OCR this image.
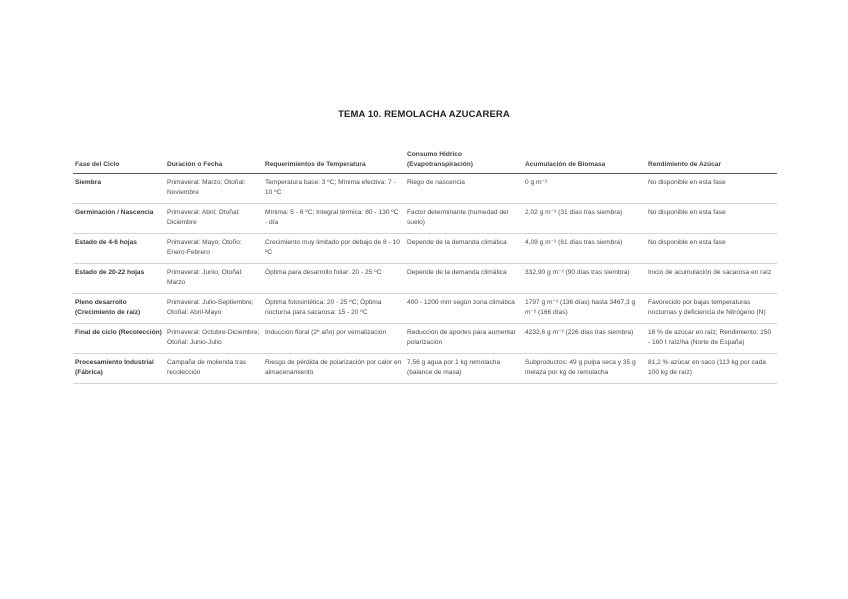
TEMA 10. REMOLACHA AZUCARERA
Fase del Ciclo	Duración o Fecha	Requerimientos de Temperatura	Consumo Hídrico (Evapotranspiración)	Acumulación de Biomasa	Rendimiento de Azúcar
Siembra	Primaveral: Marzo; Otoñal: Noviembre	Temperatura base: 3 ºC; Mínima efectiva: 7 - 10 ºC	Riego de nascencia	0 g m⁻²	No disponible en esta fase
Germinación / Nascencia	Primaveral: Abril; Otoñal: Diciembre	Mínima: 5 - 6 ºC; Integral térmica: 80 - 130 ºC - día	Factor determinante (humedad del suelo)	2,02 g m⁻² (31 días tras siembra)	No disponible en esta fase
Estado de 4-6 hojas	Primaveral: Mayo; Otoño: Enero-Febrero	Crecimiento muy limitado por debajo de 8 - 10 ºC	Depende de la demanda climática	4,09 g m⁻² (61 días tras siembra)	No disponible en esta fase
Estado de 20-22 hojas	Primaveral: Junio; Otoñal: Marzo	Óptima para desarrollo foliar: 20 - 25 ºC	Depende de la demanda climática	332,90 g m⁻² (90 días tras siembra)	Inicio de acumulación de sacarosa en raíz
Pleno desarrollo (Crecimiento de raíz)	Primaveral: Julio-Septiembre; Otoñal: Abril-Mayo	Óptima fotosintética: 20 - 25 ºC; Óptima nocturna para sacarosa: 15 - 20 ºC	400 - 1200 mm según zona climática	1797 g m⁻² (136 días) hasta 3467,3 g m⁻² (166 días)	Favorecido por bajas temperaturas nocturnas y deficiencia de Nitrógeno (N)
Final de ciclo (Recolección)	Primaveral: Octubre-Diciembre; Otoñal: Junio-Julio	Inducción floral (2º año) por vernalización	Reducción de aportes para aumentar polarización	4232,6 g m⁻² (226 días tras siembra)	16 % de azúcar en raíz; Rendimiento: 150 - 160 t raíz/ha (Norte de España)
Procesamiento Industrial (Fábrica)	Campaña de molienda tras recolección	Riesgo de pérdida de polarización por calor en almacenamiento	7,56 g agua por 1 kg remolacha (balance de masa)	Subproductos: 49 g pulpa seca y 35 g melaza por kg de remolacha	81,2 % azúcar en saco (113 kg por cada 100 kg de raíz)
